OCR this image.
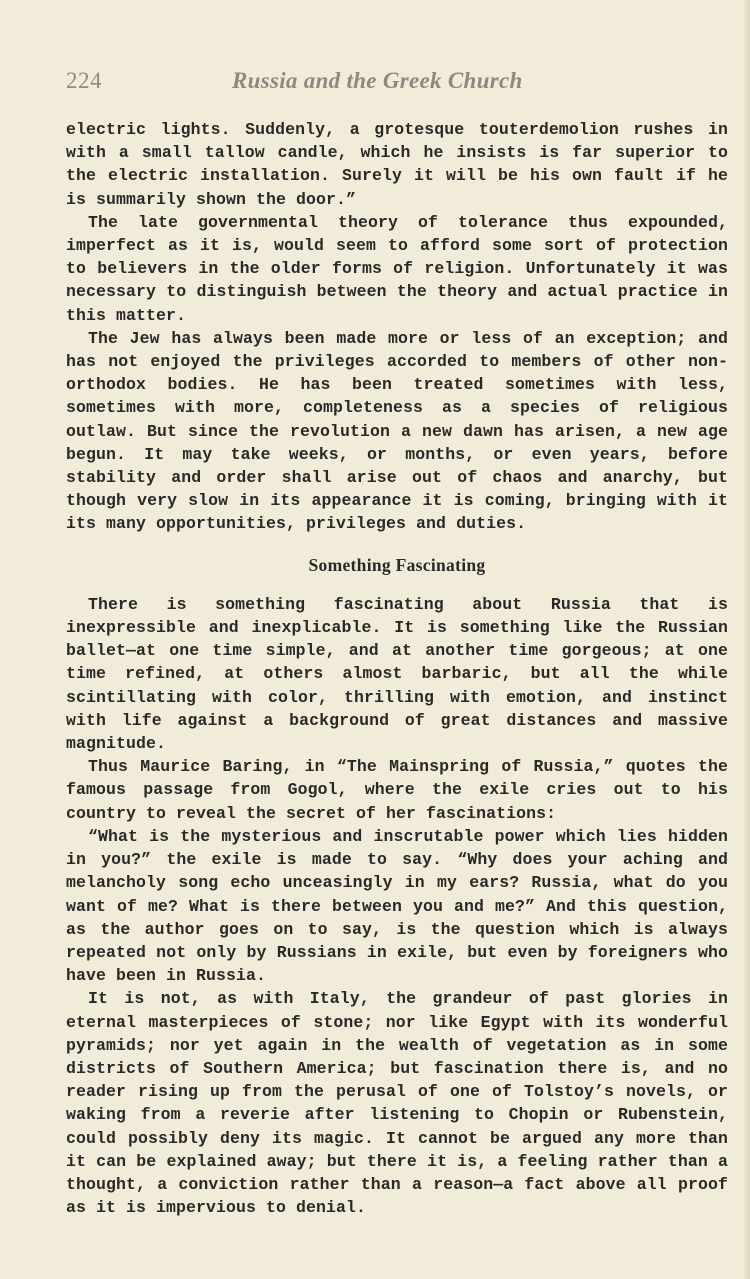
224	Russia and the Greek Church

electric lights. Suddenly, a grotesque touterdemolion rushes in with a small tallow candle, which he insists is far superior to the electric installation. Surely it will be his own fault if he is summarily shown the door.”

The late governmental theory of tolerance thus expounded, imperfect as it is, would seem to afford some sort of protection to believers in the older forms of religion. Unfortunately it was necessary to distinguish between the theory and actual practice in this matter.

The Jew has always been made more or less of an exception; and has not enjoyed the privileges accorded to members of other non-orthodox bodies. He has been treated sometimes with less, sometimes with more, completeness as a species of religious outlaw. But since the revolution a new dawn has arisen, a new age begun. It may take weeks, or months, or even years, before stability and order shall arise out of chaos and anarchy, but though very slow in its appearance it is coming, bringing with it its many opportunities, privileges and duties.

Something Fascinating

There is something fascinating about Russia that is inexpressible and inexplicable. It is something like the Russian ballet—at one time simple, and at another time gorgeous; at one time refined, at others almost barbaric, but all the while scintillating with color, thrilling with emotion, and instinct with life against a background of great distances and massive magnitude.

Thus Maurice Baring, in “The Mainspring of Russia,” quotes the famous passage from Gogol, where the exile cries out to his country to reveal the secret of her fascinations:

“What is the mysterious and inscrutable power which lies hidden in you?” the exile is made to say. “Why does your aching and melancholy song echo unceasingly in my ears? Russia, what do you want of me? What is there between you and me?” And this question, as the author goes on to say, is the question which is always repeated not only by Russians in exile, but even by foreigners who have been in Russia.

It is not, as with Italy, the grandeur of past glories in eternal masterpieces of stone; nor like Egypt with its wonderful pyramids; nor yet again in the wealth of vegetation as in some districts of Southern America; but fascination there is, and no reader rising up from the perusal of one of Tolstoy’s novels, or waking from a reverie after listening to Chopin or Rubenstein, could possibly deny its magic. It cannot be argued any more than it can be explained away; but there it is, a feeling rather than a thought, a conviction rather than a reason—a fact above all proof as it is impervious to denial.
